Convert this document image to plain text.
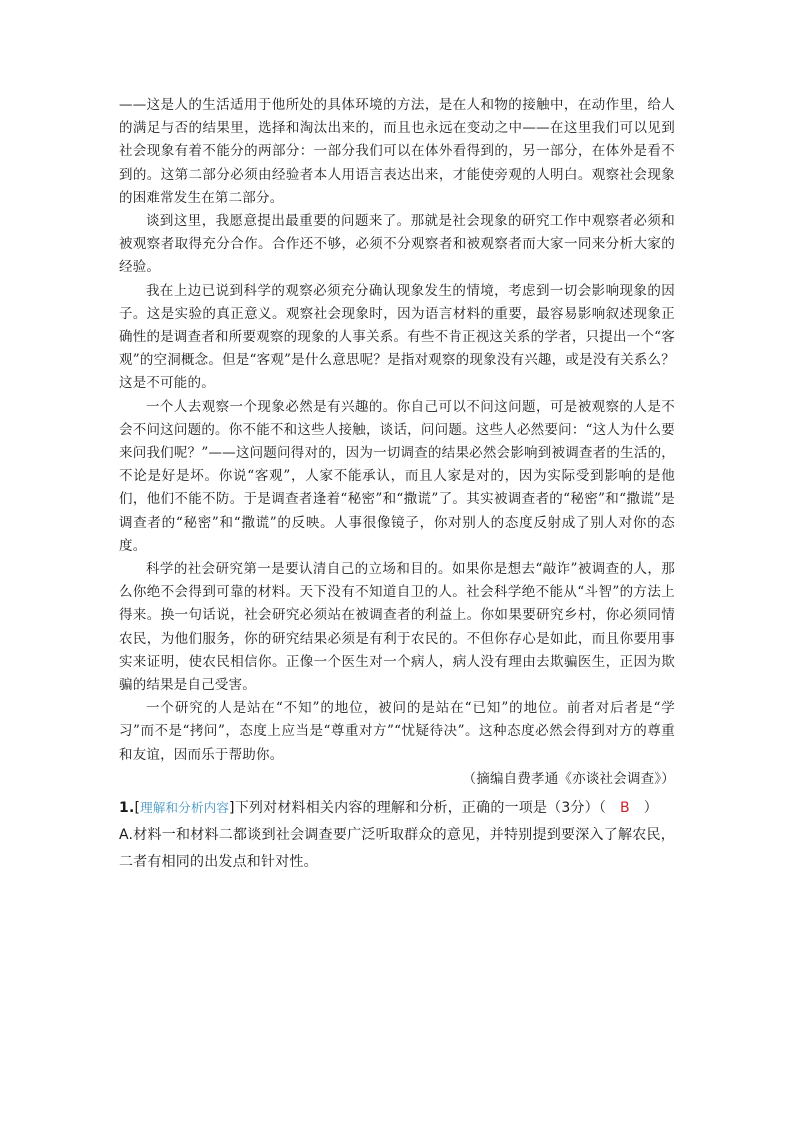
——这是人的生活适用于他所处的具体环境的方法，是在人和物的接触中，在动作里，给人的满足与否的结果里，选择和淘汰出来的，而且也永远在变动之中——在这里我们可以见到社会现象有着不能分的两部分：一部分我们可以在体外看得到的，另一部分，在体外是看不到的。这第二部分必须由经验者本人用语言表达出来，才能使旁观的人明白。观察社会现象的困难常发生在第二部分。

谈到这里，我愿意提出最重要的问题来了。那就是社会现象的研究工作中观察者必须和被观察者取得充分合作。合作还不够，必须不分观察者和被观察者而大家一同来分析大家的经验。

我在上边已说到科学的观察必须充分确认现象发生的情境，考虑到一切会影响现象的因子。这是实验的真正意义。观察社会现象时，因为语言材料的重要，最容易影响叙述现象正确性的是调查者和所要观察的现象的人事关系。有些不肯正视这关系的学者，只提出一个“客观”的空洞概念。但是“客观”是什么意思呢？是指对观察的现象没有兴趣，或是没有关系么？这是不可能的。

一个人去观察一个现象必然是有兴趣的。你自己可以不问这问题，可是被观察的人是不会不问这问题的。你不能不和这些人接触，谈话，问问题。这些人必然要问：“这人为什么要来问我们呢？”——这问题问得对的，因为一切调查的结果必然会影响到被调查者的生活的，不论是好是坏。你说“客观”，人家不能承认，而且人家是对的，因为实际受到影响的是他们，他们不能不防。于是调查者逢着“秘密”和“撒谎”了。其实被调查者的“秘密”和“撒谎”是调查者的“秘密”和“撒谎”的反映。人事很像镜子，你对别人的态度反射成了别人对你的态度。

科学的社会研究第一是要认清自己的立场和目的。如果你是想去“敲诈”被调查的人，那么你绝不会得到可靠的材料。天下没有不知道自卫的人。社会科学绝不能从“斗智”的方法上得来。换一句话说，社会研究必须站在被调查者的利益上。你如果要研究乡村，你必须同情农民，为他们服务，你的研究结果必须是有利于农民的。不但你存心是如此，而且你要用事实来证明，使农民相信你。正像一个医生对一个病人，病人没有理由去欺骗医生，正因为欺骗的结果是自己受害。

一个研究的人是站在“不知”的地位，被问的是站在“已知”的地位。前者对后者是“学习”而不是“拷问”，态度上应当是“尊重对方”“忧疑待决”。这种态度必然会得到对方的尊重和友谊，因而乐于帮助你。

（摘编自费孝通《亦谈社会调查》）

1.[理解和分析内容]下列对材料相关内容的理解和分析，正确的一项是（3分）（ B ）
A.材料一和材料二都谈到社会调查要广泛听取群众的意见，并特别提到要深入了解农民，二者有相同的出发点和针对性。
